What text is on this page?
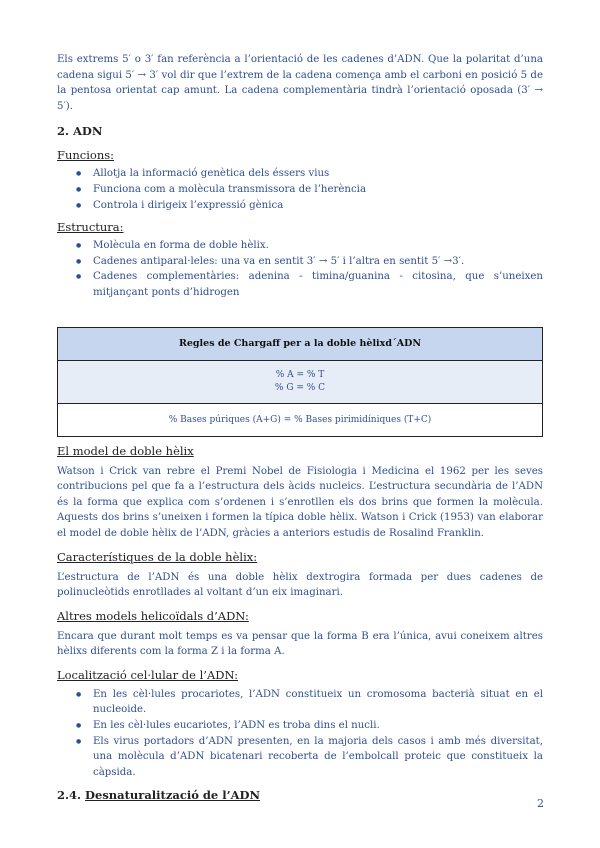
Els extrems 5′ o 3′ fan referència a l’orientació de les cadenes d’ADN. Que la polaritat d’una cadena sigui 5′ → 3′ vol dir que l’extrem de la cadena comença amb el carboni en posició 5 de la pentosa orientat cap amunt. La cadena complementària tindrà l’orientació oposada (3′ → 5′).

2. ADN
Funcions:
● Allotja la informació genètica dels éssers vius
● Funciona com a molècula transmissora de l’herència
● Controla i dirigeix l’expressió gènica
Estructura:
● Molècula en forma de doble hèlix.
● Cadenes antiparal·leles: una va en sentit 3′ → 5′ i l’altra en sentit 5′ →3′.
● Cadenes complementàries: adenina - timina/guanina - citosina, que s’uneixen mitjançant ponts d’hidrogen
Regles de Chargaff per a la doble hèlixd´ADN

% A = % T
% G = % C

% Bases púriques (A+G) = % Bases pirimidíniques (T+C)
El model de doble hèlix

Watson i Crick van rebre el Premi Nobel de Fisiologia i Medicina el 1962 per les seves contribucions pel que fa a l’estructura dels àcids nucleics. L’estructura secundària de l’ADN és la forma que explica com s’ordenen i s’enrotllen els dos brins que formen la molècula. Aquests dos brins s’uneixen i formen la típica doble hèlix. Watson i Crick (1953) van elaborar el model de doble hèlix de l’ADN, gràcies a anteriors estudis de Rosalind Franklin.

Característiques de la doble hèlix:

L’estructura de l’ADN és una doble hèlix dextrogira formada per dues cadenes de polinucleòtids enrotllades al voltant d’un eix imaginari.

Altres models helicoïdals d’ADN:

Encara que durant molt temps es va pensar que la forma B era l’única, avui coneixem altres hèlixs diferents com la forma Z i la forma A.

Localització cel·lular de l’ADN:
● En les cèl·lules procariotes, l’ADN constitueix un cromosoma bacterià situat en el nucleoide.
● En les cèl·lules eucariotes, l’ADN es troba dins el nucli.
● Els virus portadors d’ADN presenten, en la majoria dels casos i amb més diversitat, una molècula d’ADN bicatenari recoberta de l’embolcall proteic que constitueix la càpsida.
2.4. Desnaturalització de l’ADN
2
